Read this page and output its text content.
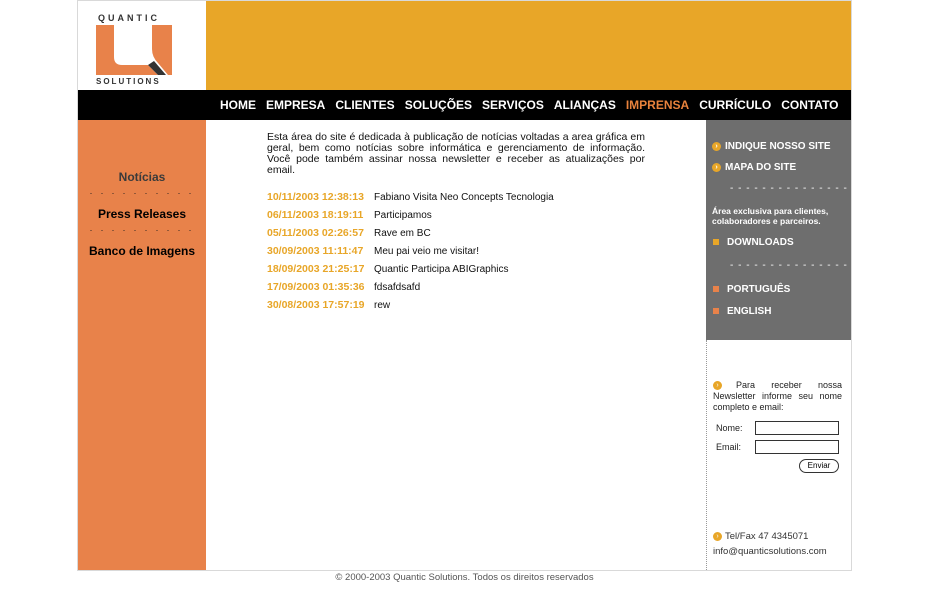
QUANTIC
SOLUTIONS
HOME EMPRESA CLIENTES SOLUÇÕES SERVIÇOS ALIANÇAS IMPRENSA CURRÍCULO CONTATO
Notícias
. . . . . . . . . .
Press Releases
. . . . . . . . . .
Banco de Imagens
Esta área do site é dedicada à publicação de notícias voltadas a area gráfica em geral, bem como notícias sobre informática e gerenciamento de informação. Você pode também assinar nossa newsletter e receber as atualizações por email.
10/11/2003 12:38:13 Fabiano Visita Neo Concepts Tecnologia
06/11/2003 18:19:11 Participamos
05/11/2003 02:26:57 Rave em BC
30/09/2003 11:11:47 Meu pai veio me visitar!
18/09/2003 21:25:17 Quantic Participa ABIGraphics
17/09/2003 01:35:36 fdsafdsafd
30/08/2003 17:57:19 rew
› INDIQUE NOSSO SITE
› MAPA DO SITE
- - - - - - - - - - - - - - -
Área exclusiva para clientes, colaboradores e parceiros.
DOWNLOADS
- - - - - - - - - - - - - - -
PORTUGUÊS
ENGLISH
› Para receber nossa Newsletter informe seu nome completo e email:
Nome:
Email:
Enviar
› Tel/Fax 47 4345071
info@quanticsolutions.com
© 2000-2003 Quantic Solutions. Todos os direitos reservados
